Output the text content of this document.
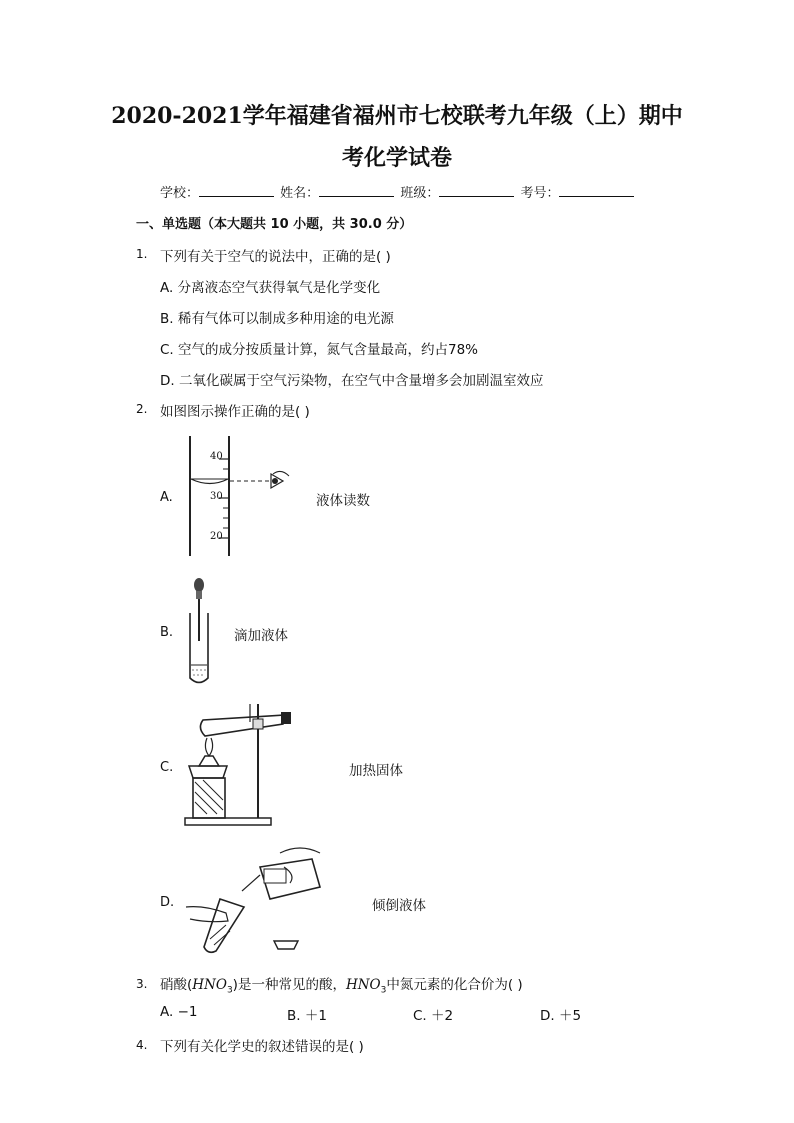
2020-2021学年福建省福州市七校联考九年级（上）期中
考化学试卷
学校：	姓名：	班级：	考号：
一、单选题（本大题共 10 小题，共 30.0 分）
1. 下列有关于空气的说法中，正确的是( )
A. 分离液态空气获得氧气是化学变化
B. 稀有气体可以制成多种用途的电光源
C. 空气的成分按质量计算，氮气含量最高，约占78%
D. 二氧化碳属于空气污染物，在空气中含量增多会加剧温室效应
2. 如图图示操作正确的是( )
A.
40
30
20
液体读数
B.	滴加液体
C.	加热固体
D.	倾倒液体
3. 硝酸$(HNO_3)$是一种常见的酸，$HNO_3$中氮元素的化合价为( )
A. −1	B. ＋1	C. ＋2	D. ＋5
4. 下列有关化学史的叙述错误的是( )
